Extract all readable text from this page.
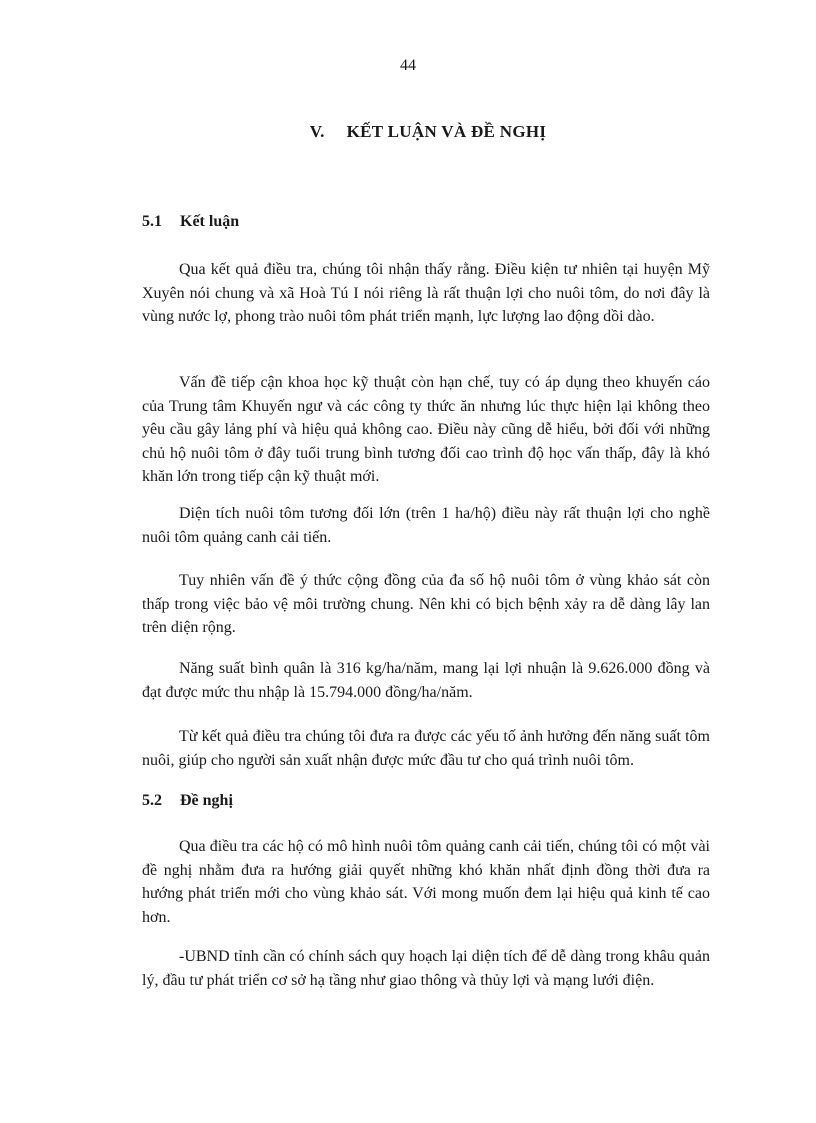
44
V. KẾT LUẬN VÀ ĐỀ NGHỊ
5.1 Kết luận

Qua kết quả điều tra, chúng tôi nhận thấy rằng. Điều kiện tư nhiên tại huyện Mỹ Xuyên nói chung và xã Hoà Tú I nói riêng là rất thuận lợi cho nuôi tôm, do nơi đây là vùng nước lợ, phong trào nuôi tôm phát triển mạnh, lực lượng lao động dồi dào.

Vấn đề tiếp cận khoa học kỹ thuật còn hạn chế, tuy có áp dụng theo khuyến cáo của Trung tâm Khuyến ngư và các công ty thức ăn nhưng lúc thực hiện lại không theo yêu cầu gây lảng phí và hiệu quả không cao. Điều này cũng dễ hiểu, bởi đối với những chủ hộ nuôi tôm ở đây tuổi trung bình tương đối cao trình độ học vấn thấp, đây là khó khăn lớn trong tiếp cận kỹ thuật mới.

Diện tích nuôi tôm tương đối lớn (trên 1 ha/hộ) điều này rất thuận lợi cho nghề nuôi tôm quảng canh cải tiến.

Tuy nhiên vấn đề ý thức cộng đồng của đa số hộ nuôi tôm ở vùng khảo sát còn thấp trong việc bảo vệ môi trường chung. Nên khi có bịch bệnh xảy ra dễ dàng lây lan trên diện rộng.

Năng suất bình quân là 316 kg/ha/năm, mang lại lợi nhuận là 9.626.000 đồng và đạt được mức thu nhập là 15.794.000 đồng/ha/năm.

Từ kết quả điều tra chúng tôi đưa ra được các yếu tố ảnh hưởng đến năng suất tôm nuôi, giúp cho người sản xuất nhận được mức đầu tư cho quá trình nuôi tôm.

5.2 Đề nghị

Qua điều tra các hộ có mô hình nuôi tôm quảng canh cải tiến, chúng tôi có một vài đề nghị nhằm đưa ra hướng giải quyết những khó khăn nhất định đồng thời đưa ra hướng phát triển mới cho vùng khảo sát. Với mong muốn đem lại hiệu quả kinh tế cao hơn.

-UBND tỉnh cần có chính sách quy hoạch lại diện tích để dễ dàng trong khâu quản lý, đầu tư phát triển cơ sở hạ tầng như giao thông và thủy lợi và mạng lưới điện.
